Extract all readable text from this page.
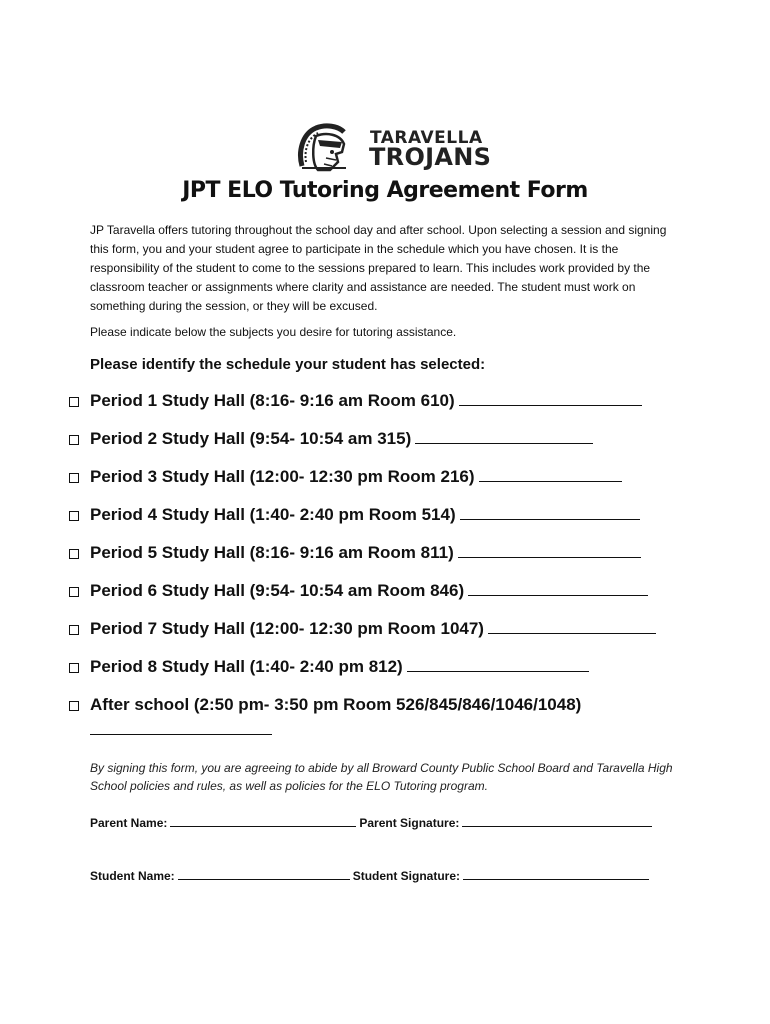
TARAVELLA
TROJANS
JPT ELO Tutoring Agreement Form
JP Taravella offers tutoring throughout the school day and after school. Upon selecting a session and signing this form, you and your student agree to participate in the schedule which you have chosen. It is the responsibility of the student to come to the sessions prepared to learn. This includes work provided by the classroom teacher or assignments where clarity and assistance are needed. The student must work on something during the session, or they will be excused.
Please indicate below the subjects you desire for tutoring assistance.
Please identify the schedule your student has selected:
Period 1 Study Hall (8:16- 9:16 am Room 610)
Period 2 Study Hall (9:54- 10:54 am 315)
Period 3 Study Hall (12:00- 12:30 pm Room 216)
Period 4 Study Hall (1:40- 2:40 pm Room 514)
Period 5 Study Hall (8:16- 9:16 am Room 811)
Period 6 Study Hall (9:54- 10:54 am Room 846)
Period 7 Study Hall (12:00- 12:30 pm Room 1047)
Period 8 Study Hall (1:40- 2:40 pm 812)
After school (2:50 pm- 3:50 pm Room 526/845/846/1046/1048)
By signing this form, you are agreeing to abide by all Broward County Public School Board and Taravella High School policies and rules, as well as policies for the ELO Tutoring program.
Parent Name:	Parent Signature:
Student Name:	Student Signature:
